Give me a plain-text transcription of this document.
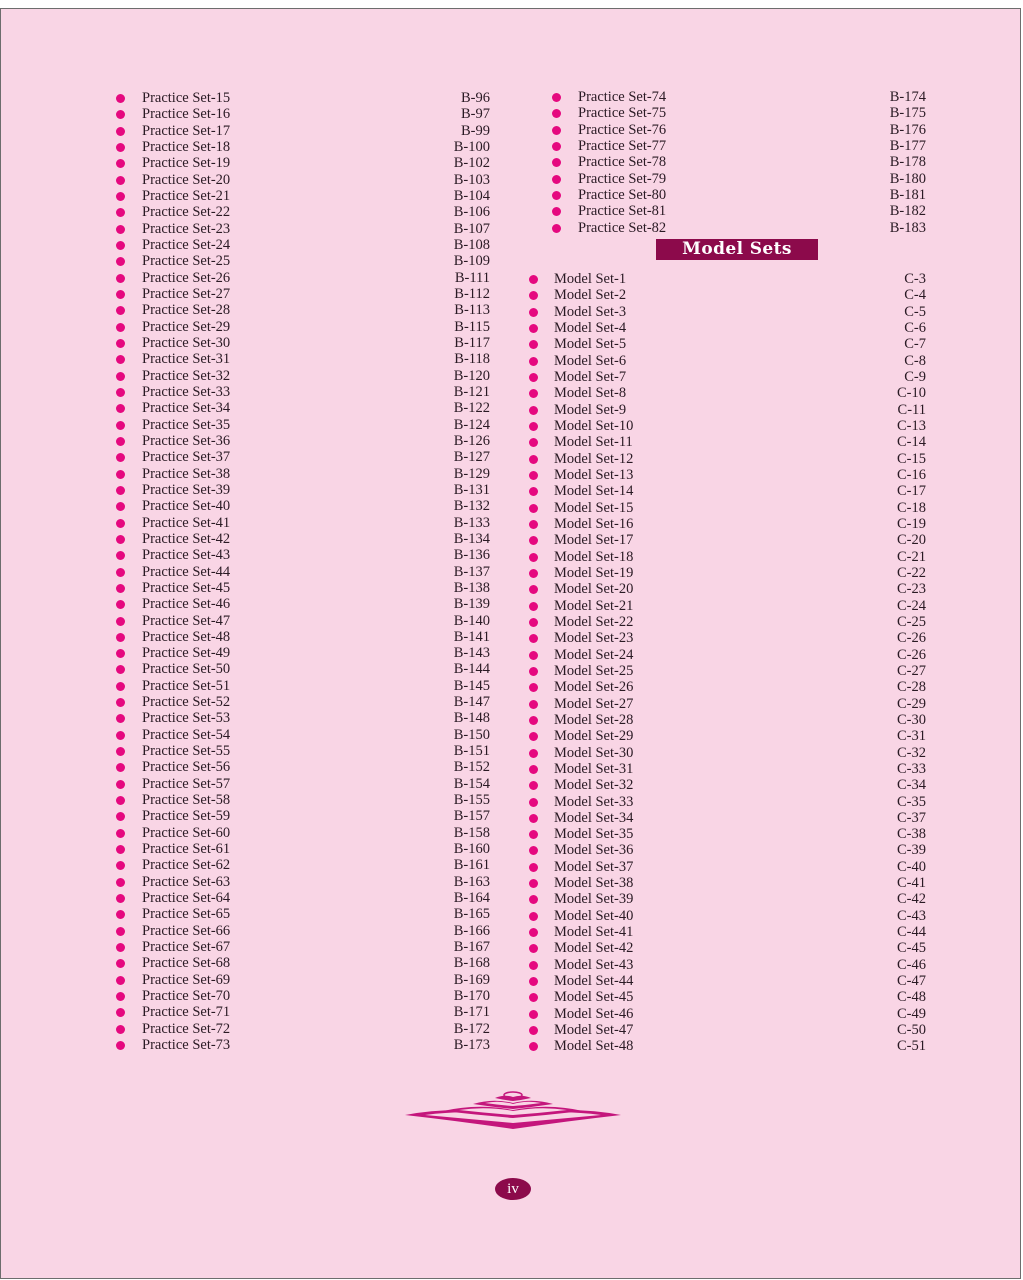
Practice Set-15	B-96
Practice Set-16	B-97
Practice Set-17	B-99
Practice Set-18	B-100
Practice Set-19	B-102
Practice Set-20	B-103
Practice Set-21	B-104
Practice Set-22	B-106
Practice Set-23	B-107
Practice Set-24	B-108
Practice Set-25	B-109
Practice Set-26	B-111
Practice Set-27	B-112
Practice Set-28	B-113
Practice Set-29	B-115
Practice Set-30	B-117
Practice Set-31	B-118
Practice Set-32	B-120
Practice Set-33	B-121
Practice Set-34	B-122
Practice Set-35	B-124
Practice Set-36	B-126
Practice Set-37	B-127
Practice Set-38	B-129
Practice Set-39	B-131
Practice Set-40	B-132
Practice Set-41	B-133
Practice Set-42	B-134
Practice Set-43	B-136
Practice Set-44	B-137
Practice Set-45	B-138
Practice Set-46	B-139
Practice Set-47	B-140
Practice Set-48	B-141
Practice Set-49	B-143
Practice Set-50	B-144
Practice Set-51	B-145
Practice Set-52	B-147
Practice Set-53	B-148
Practice Set-54	B-150
Practice Set-55	B-151
Practice Set-56	B-152
Practice Set-57	B-154
Practice Set-58	B-155
Practice Set-59	B-157
Practice Set-60	B-158
Practice Set-61	B-160
Practice Set-62	B-161
Practice Set-63	B-163
Practice Set-64	B-164
Practice Set-65	B-165
Practice Set-66	B-166
Practice Set-67	B-167
Practice Set-68	B-168
Practice Set-69	B-169
Practice Set-70	B-170
Practice Set-71	B-171
Practice Set-72	B-172
Practice Set-73	B-173
Practice Set-74	B-174
Practice Set-75	B-175
Practice Set-76	B-176
Practice Set-77	B-177
Practice Set-78	B-178
Practice Set-79	B-180
Practice Set-80	B-181
Practice Set-81	B-182
Practice Set-82	B-183
Model Sets
Model Set-1	C-3
Model Set-2	C-4
Model Set-3	C-5
Model Set-4	C-6
Model Set-5	C-7
Model Set-6	C-8
Model Set-7	C-9
Model Set-8	C-10
Model Set-9	C-11
Model Set-10	C-13
Model Set-11	C-14
Model Set-12	C-15
Model Set-13	C-16
Model Set-14	C-17
Model Set-15	C-18
Model Set-16	C-19
Model Set-17	C-20
Model Set-18	C-21
Model Set-19	C-22
Model Set-20	C-23
Model Set-21	C-24
Model Set-22	C-25
Model Set-23	C-26
Model Set-24	C-26
Model Set-25	C-27
Model Set-26	C-28
Model Set-27	C-29
Model Set-28	C-30
Model Set-29	C-31
Model Set-30	C-32
Model Set-31	C-33
Model Set-32	C-34
Model Set-33	C-35
Model Set-34	C-37
Model Set-35	C-38
Model Set-36	C-39
Model Set-37	C-40
Model Set-38	C-41
Model Set-39	C-42
Model Set-40	C-43
Model Set-41	C-44
Model Set-42	C-45
Model Set-43	C-46
Model Set-44	C-47
Model Set-45	C-48
Model Set-46	C-49
Model Set-47	C-50
Model Set-48	C-51
iv
